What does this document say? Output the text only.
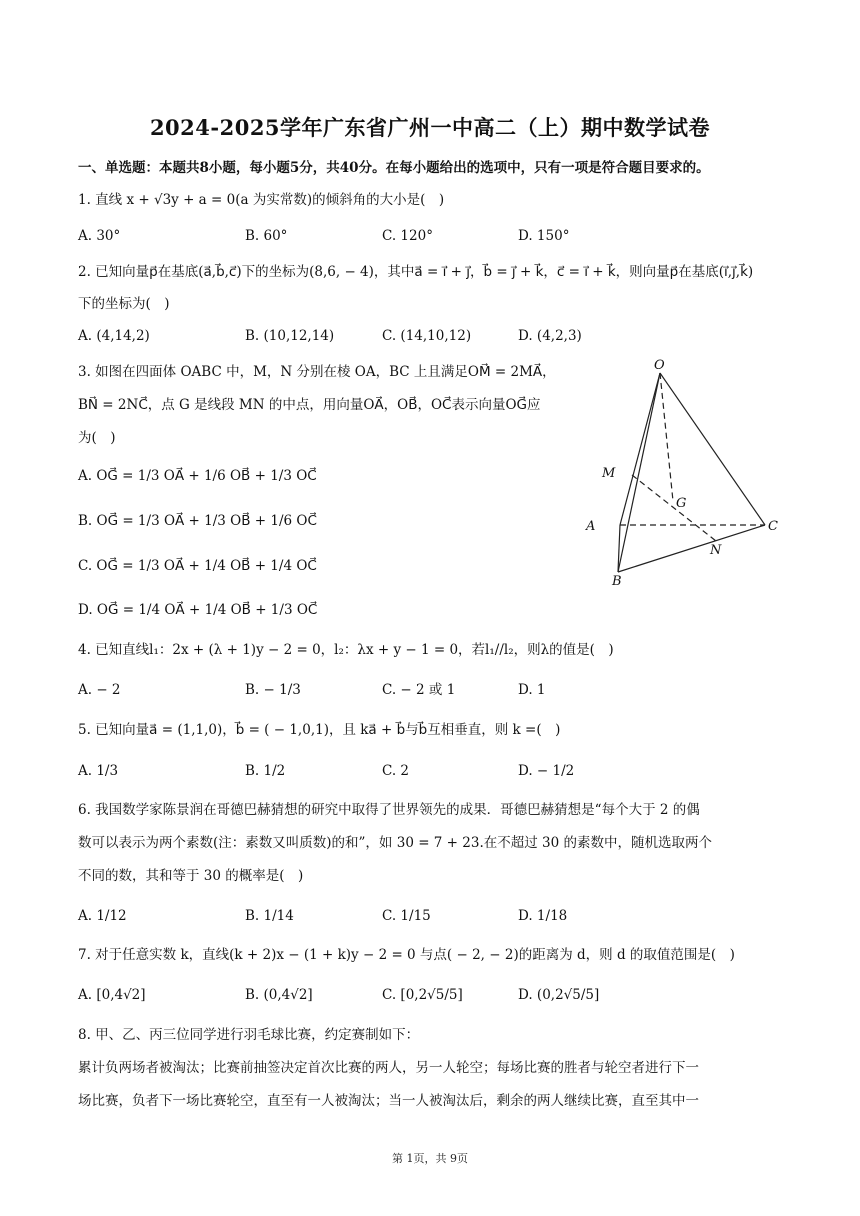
2024-2025学年广东省广州一中高二（上）期中数学试卷
一、单选题：本题共8小题，每小题5分，共40分。在每小题给出的选项中，只有一项是符合题目要求的。
1. 直线 x + √3y + a = 0(a 为实常数)的倾斜角的大小是(　)
A. 30°	B. 60°	C. 120°	D. 150°
2. 已知向量p⃗在基底(a⃗,b⃗,c⃗)下的坐标为(8,6, − 4)，其中a⃗ = i⃗ + j⃗，b⃗ = j⃗ + k⃗，c⃗ = i⃗ + k⃗，则向量p⃗在基底(i⃗,j⃗,k⃗)
下的坐标为(　)
A. (4,14,2)	B. (10,12,14)	C. (14,10,12)	D. (4,2,3)
3. 如图在四面体 OABC 中，M，N 分别在棱 OA，BC 上且满足OM⃗ = 2MA⃗，
BN⃗ = 2NC⃗，点 G 是线段 MN 的中点，用向量OA⃗，OB⃗，OC⃗表示向量OG⃗应
为(　)
A. OG⃗ = 1/3 OA⃗ + 1/6 OB⃗ + 1/3 OC⃗
B. OG⃗ = 1/3 OA⃗ + 1/3 OB⃗ + 1/6 OC⃗
C. OG⃗ = 1/3 OA⃗ + 1/4 OB⃗ + 1/4 OC⃗
D. OG⃗ = 1/4 OA⃗ + 1/4 OB⃗ + 1/3 OC⃗
O
M
G
A	C
N
B
4. 已知直线l₁：2x + (λ + 1)y − 2 = 0，l₂：λx + y − 1 = 0，若l₁//l₂，则λ的值是(　)
A. − 2	B. − 1/3	C. − 2 或 1	D. 1
5. 已知向量a⃗ = (1,1,0)，b⃗ = ( − 1,0,1)，且 ka⃗ + b⃗与b⃗互相垂直，则 k =(　)
A. 1/3	B. 1/2	C. 2	D. − 1/2
6. 我国数学家陈景润在哥德巴赫猜想的研究中取得了世界领先的成果．哥德巴赫猜想是“每个大于 2 的偶
数可以表示为两个素数(注：素数又叫质数)的和”，如 30 = 7 + 23.在不超过 30 的素数中，随机选取两个
不同的数，其和等于 30 的概率是(　)
A. 1/12	B. 1/14	C. 1/15	D. 1/18
7. 对于任意实数 k，直线(k + 2)x − (1 + k)y − 2 = 0 与点( − 2, − 2)的距离为 d，则 d 的取值范围是(　)
A. [0,4√2]	B. (0,4√2]	C. [0,2√5/5]	D. (0,2√5/5]
8. 甲、乙、丙三位同学进行羽毛球比赛，约定赛制如下：
累计负两场者被淘汰；比赛前抽签决定首次比赛的两人，另一人轮空；每场比赛的胜者与轮空者进行下一
场比赛，负者下一场比赛轮空，直至有一人被淘汰；当一人被淘汰后，剩余的两人继续比赛，直至其中一
第 1页，共 9页
